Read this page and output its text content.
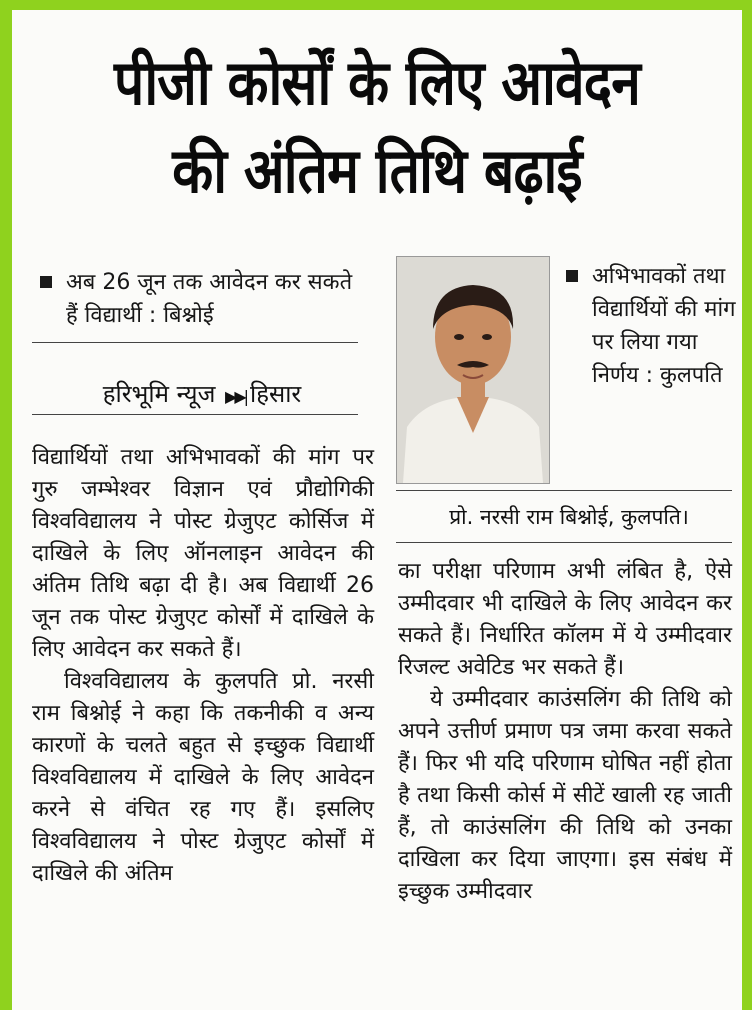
पीजी कोर्सों के लिए आवेदन
की अंतिम तिथि बढ़ाई
अब 26 जून तक आवेदन कर सकते हैं विद्यार्थी : बिश्नोई
हरिभूमि न्यूज ▶▶| हिसार
अभिभावकों तथा विद्यार्थियों की मांग पर लिया गया निर्णय : कुलपति
प्रो. नरसी राम बिश्नोई, कुलपति।

विद्यार्थियों तथा अभिभावकों की मांग पर गुरु जम्भेश्वर विज्ञान एवं प्रौद्योगिकी विश्वविद्यालय ने पोस्ट ग्रेजुएट कोर्सिज में दाखिले के लिए ऑनलाइन आवेदन की अंतिम तिथि बढ़ा दी है। अब विद्यार्थी 26 जून तक पोस्ट ग्रेजुएट कोर्सों में दाखिले के लिए आवेदन कर सकते हैं।

विश्वविद्यालय के कुलपति प्रो. नरसी राम बिश्नोई ने कहा कि तकनीकी व अन्य कारणों के चलते बहुत से इच्छुक विद्यार्थी विश्वविद्यालय में दाखिले के लिए आवेदन करने से वंचित रह गए हैं। इसलिए विश्वविद्यालय ने पोस्ट ग्रेजुएट कोर्सों में दाखिले की अंतिम

का परीक्षा परिणाम अभी लंबित है, ऐसे उम्मीदवार भी दाखिले के लिए आवेदन कर सकते हैं। निर्धारित कॉलम में ये उम्मीदवार रिजल्ट अवेटिड भर सकते हैं।

ये उम्मीदवार काउंसलिंग की तिथि को अपने उत्तीर्ण प्रमाण पत्र जमा करवा सकते हैं। फिर भी यदि परिणाम घोषित नहीं होता है तथा किसी कोर्स में सीटें खाली रह जाती हैं, तो काउंसलिंग की तिथि को उनका दाखिला कर दिया जाएगा। इस संबंध में इच्छुक उम्मीदवार
